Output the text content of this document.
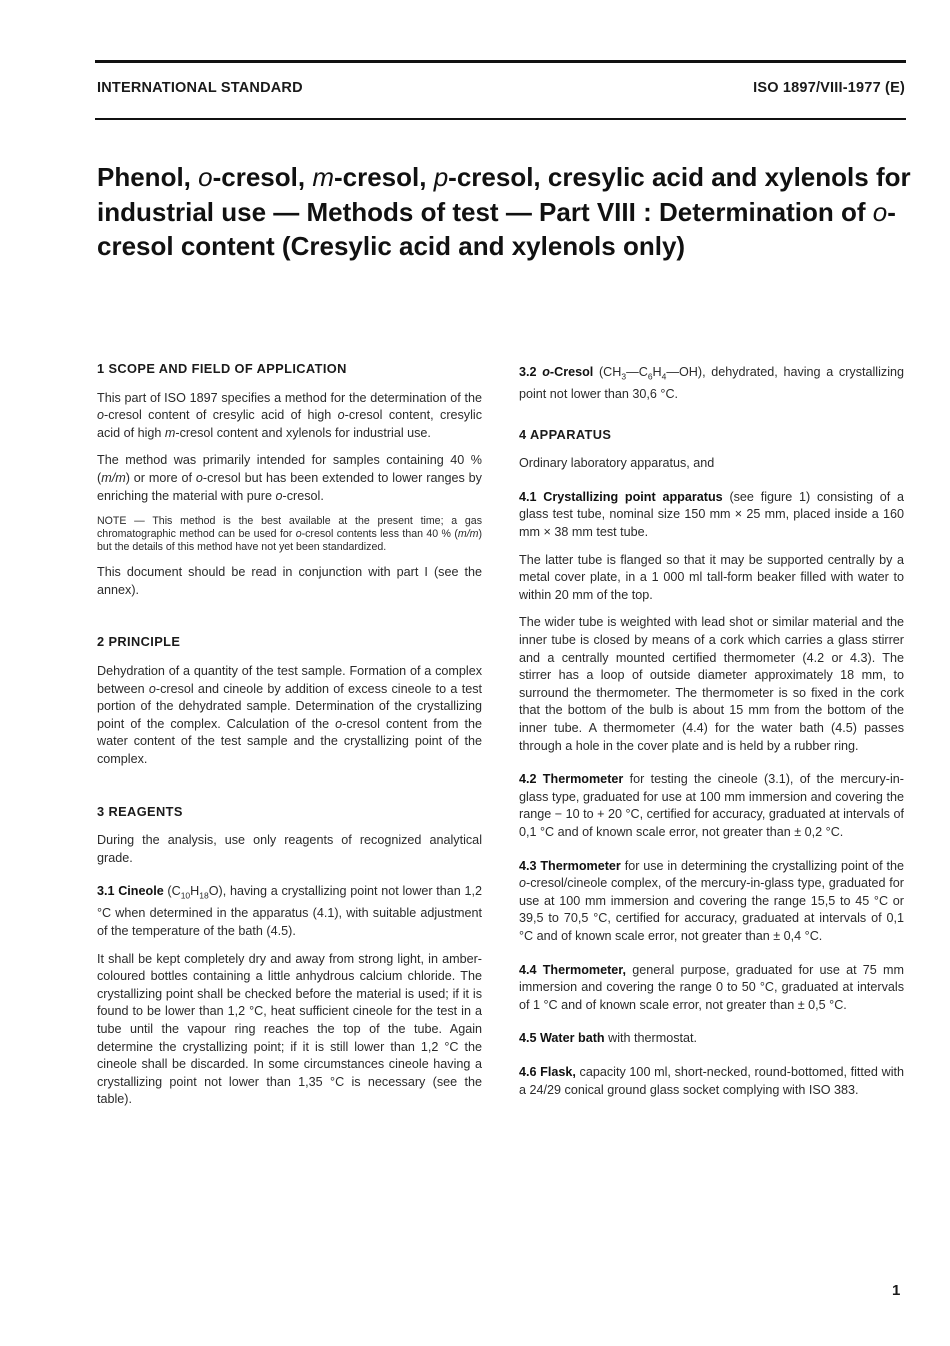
INTERNATIONAL STANDARD	ISO 1897/VIII-1977 (E)
Phenol, o-cresol, m-cresol, p-cresol, cresylic acid and xylenols for industrial use — Methods of test — Part VIII : Determination of o-cresol content (Cresylic acid and xylenols only)
1 SCOPE AND FIELD OF APPLICATION

This part of ISO 1897 specifies a method for the determination of the o-cresol content of cresylic acid of high o-cresol content, cresylic acid of high m-cresol content and xylenols for industrial use.

The method was primarily intended for samples containing 40 % (m/m) or more of o-cresol but has been extended to lower ranges by enriching the material with pure o-cresol.

NOTE — This method is the best available at the present time; a gas chromatographic method can be used for o-cresol contents less than 40 % (m/m) but the details of this method have not yet been standardized.

This document should be read in conjunction with part I (see the annex).

2 PRINCIPLE

Dehydration of a quantity of the test sample. Formation of a complex between o-cresol and cineole by addition of excess cineole to a test portion of the dehydrated sample. Determination of the crystallizing point of the complex. Calculation of the o-cresol content from the water content of the test sample and the crystallizing point of the complex.

3 REAGENTS

During the analysis, use only reagents of recognized analytical grade.

3.1 Cineole $(C_{10}H_{18}O)$, having a crystallizing point not lower than 1,2 °C when determined in the apparatus (4.1), with suitable adjustment of the temperature of the bath (4.5).

It shall be kept completely dry and away from strong light, in amber-coloured bottles containing a little anhydrous calcium chloride. The crystallizing point shall be checked before the material is used; if it is found to be lower than 1,2 °C, heat sufficient cineole for the test in a tube until the vapour ring reaches the top of the tube. Again determine the crystallizing point; if it is still lower than 1,2 °C the cineole shall be discarded. In some circumstances cineole having a crystallizing point not lower than 1,35 °C is necessary (see the table).

3.2 o-Cresol $(CH_3—C_6H_4—OH)$, dehydrated, having a crystallizing point not lower than 30,6 °C.

4 APPARATUS

Ordinary laboratory apparatus, and

4.1 Crystallizing point apparatus (see figure 1) consisting of a glass test tube, nominal size 150 mm × 25 mm, placed inside a 160 mm × 38 mm test tube.

The latter tube is flanged so that it may be supported centrally by a metal cover plate, in a 1 000 ml tall-form beaker filled with water to within 20 mm of the top.

The wider tube is weighted with lead shot or similar material and the inner tube is closed by means of a cork which carries a glass stirrer and a centrally mounted certified thermometer (4.2 or 4.3). The stirrer has a loop of outside diameter approximately 18 mm, to surround the thermometer. The thermometer is so fixed in the cork that the bottom of the bulb is about 15 mm from the bottom of the inner tube. A thermometer (4.4) for the water bath (4.5) passes through a hole in the cover plate and is held by a rubber ring.

4.2 Thermometer for testing the cineole (3.1), of the mercury-in-glass type, graduated for use at 100 mm immersion and covering the range − 10 to + 20 °C, certified for accuracy, graduated at intervals of 0,1 °C and of known scale error, not greater than ± 0,2 °C.

4.3 Thermometer for use in determining the crystallizing point of the o-cresol/cineole complex, of the mercury-in-glass type, graduated for use at 100 mm immersion and covering the range 15,5 to 45 °C or 39,5 to 70,5 °C, certified for accuracy, graduated at intervals of 0,1 °C and of known scale error, not greater than ± 0,4 °C.

4.4 Thermometer, general purpose, graduated for use at 75 mm immersion and covering the range 0 to 50 °C, graduated at intervals of 1 °C and of known scale error, not greater than ± 0,5 °C.

4.5 Water bath with thermostat.

4.6 Flask, capacity 100 ml, short-necked, round-bottomed, fitted with a 24/29 conical ground glass socket complying with ISO 383.

1
